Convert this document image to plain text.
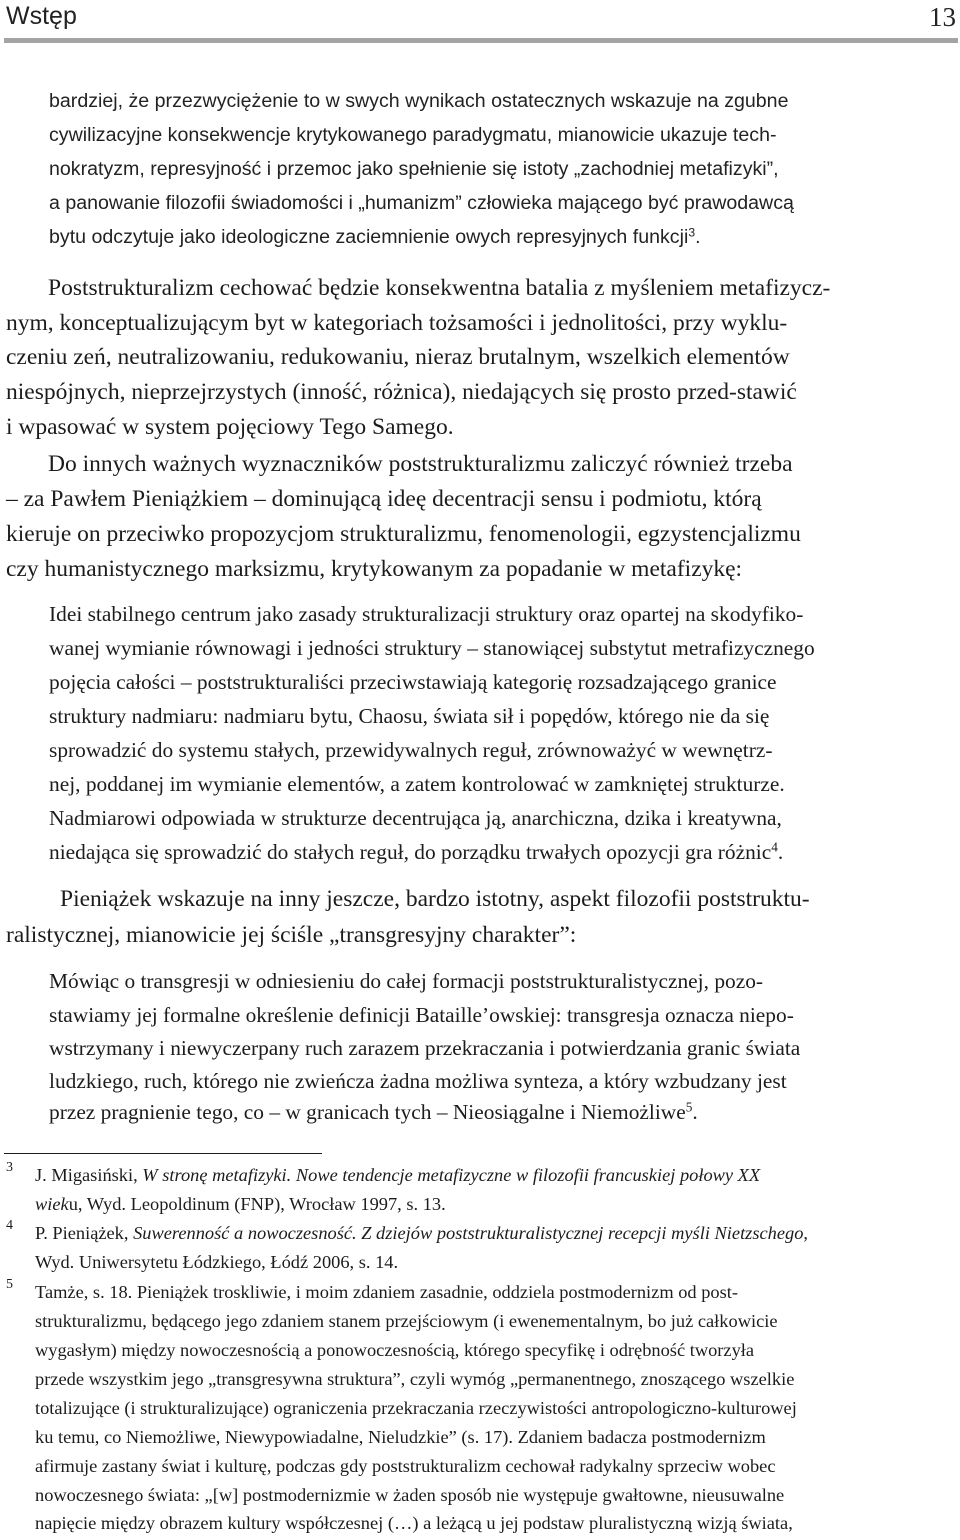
Wstęp	13

bardziej, że przezwyciężenie to w swych wynikach ostatecznych wskazuje na zgubne

cywilizacyjne konsekwencje krytykowanego paradygmatu, mianowicie ukazuje tech-

nokratyzm, represyjność i przemoc jako spełnienie się istoty „zachodniej metafizyki”,

a panowanie filozofii świadomości i „humanizm” człowieka mającego być prawodawcą

bytu odczytuje jako ideologiczne zaciemnienie owych represyjnych funkcji$^3$.

Poststrukturalizm cechować będzie konsekwentna batalia z myśleniem metafizycz-

nym, konceptualizującym byt w kategoriach tożsamości i jednolitości, przy wyklu-

czeniu zeń, neutralizowaniu, redukowaniu, nieraz brutalnym, wszelkich elementów

niespójnych, nieprzejrzystych (inność, różnica), niedających się prosto przed-stawić

i wpasować w system pojęciowy Tego Samego.

Do innych ważnych wyznaczników poststrukturalizmu zaliczyć również trzeba

– za Pawłem Pieniążkiem – dominującą ideę decentracji sensu i podmiotu, którą

kieruje on przeciwko propozycjom strukturalizmu, fenomenologii, egzystencjalizmu

czy humanistycznego marksizmu, krytykowanym za popadanie w metafizykę:

Idei stabilnego centrum jako zasady strukturalizacji struktury oraz opartej na skodyfiko-

wanej wymianie równowagi i jedności struktury – stanowiącej substytut metrafizycznego

pojęcia całości – poststrukturaliści przeciwstawiają kategorię rozsadzającego granice

struktury nadmiaru: nadmiaru bytu, Chaosu, świata sił i popędów, którego nie da się

sprowadzić do systemu stałych, przewidywalnych reguł, zrównoważyć w wewnętrz-

nej, poddanej im wymianie elementów, a zatem kontrolować w zamkniętej strukturze.

Nadmiarowi odpowiada w strukturze decentrująca ją, anarchiczna, dzika i kreatywna,

niedająca się sprowadzić do stałych reguł, do porządku trwałych opozycji gra różnic$^4$.

Pieniążek wskazuje na inny jeszcze, bardzo istotny, aspekt filozofii poststruktu-

ralistycznej, mianowicie jej ściśle „transgresyjny charakter”:

Mówiąc o transgresji w odniesieniu do całej formacji poststrukturalistycznej, pozo-

stawiamy jej formalne określenie definicji Bataille’owskiej: transgresja oznacza niepo-

wstrzymany i niewyczerpany ruch zarazem przekraczania i potwierdzania granic świata

ludzkiego, ruch, którego nie zwieńcza żadna możliwa synteza, a który wzbudzany jest

przez pragnienie tego, co – w granicach tych – Nieosiągalne i Niemożliwe$^5$.

3 J. Migasiński, W stronę metafizyki. Nowe tendencje metafizyczne w filozofii francuskiej połowy XX

wieku, Wyd. Leopoldinum (FNP), Wrocław 1997, s. 13.

4 P. Pieniążek, Suwerenność a nowoczesność. Z dziejów poststrukturalistycznej recepcji myśli Nietzschego,

Wyd. Uniwersytetu Łódzkiego, Łódź 2006, s. 14.

5 Tamże, s. 18. Pieniążek troskliwie, i moim zdaniem zasadnie, oddziela postmodernizm od post-

strukturalizmu, będącego jego zdaniem stanem przejściowym (i ewenementalnym, bo już całkowicie

wygasłym) między nowoczesnością a ponowoczesnością, którego specyfikę i odrębność tworzyła

przede wszystkim jego „transgresywna struktura”, czyli wymóg „permanentnego, znoszącego wszelkie

totalizujące (i strukturalizujące) ograniczenia przekraczania rzeczywistości antropologiczno-kulturowej

ku temu, co Niemożliwe, Niewypowiadalne, Nieludzkie” (s. 17). Zdaniem badacza postmodernizm

afirmuje zastany świat i kulturę, podczas gdy poststrukturalizm cechował radykalny sprzeciw wobec

nowoczesnego świata: „[w] postmodernizmie w żaden sposób nie występuje gwałtowne, nieusuwalne

napięcie między obrazem kultury współczesnej (…) a leżącą u jej podstaw pluralistyczną wizją świata,
